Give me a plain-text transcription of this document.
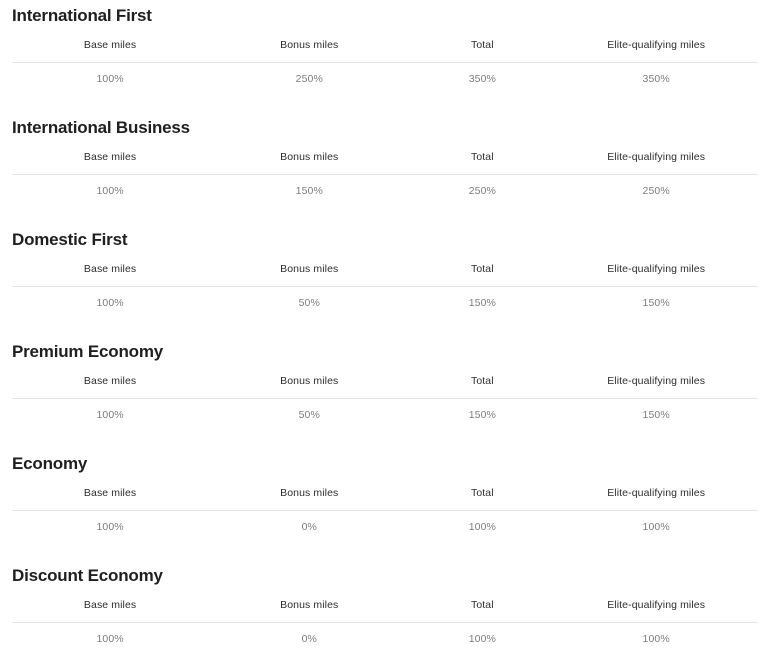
International First
Base miles	Bonus miles	Total	Elite-qualifying miles
100%	250%	350%	350%
International Business
Base miles	Bonus miles	Total	Elite-qualifying miles
100%	150%	250%	250%
Domestic First
Base miles	Bonus miles	Total	Elite-qualifying miles
100%	50%	150%	150%
Premium Economy
Base miles	Bonus miles	Total	Elite-qualifying miles
100%	50%	150%	150%
Economy
Base miles	Bonus miles	Total	Elite-qualifying miles
100%	0%	100%	100%
Discount Economy
Base miles	Bonus miles	Total	Elite-qualifying miles
100%	0%	100%	100%
